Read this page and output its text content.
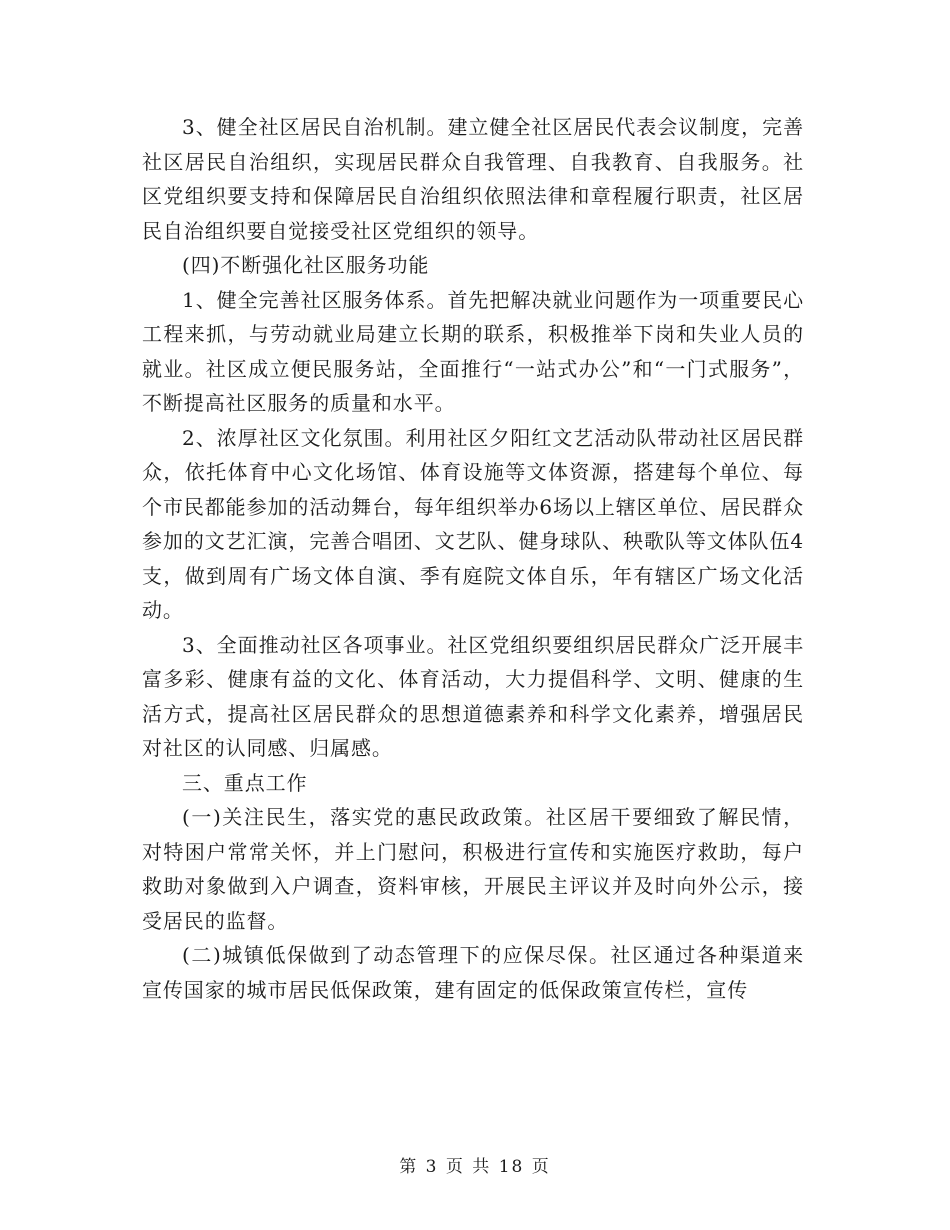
3、健全社区居民自治机制。建立健全社区居民代表会议制度，完善社区居民自治组织，实现居民群众自我管理、自我教育、自我服务。社区党组织要支持和保障居民自治组织依照法律和章程履行职责，社区居民自治组织要自觉接受社区党组织的领导。

(四)不断强化社区服务功能

1、健全完善社区服务体系。首先把解决就业问题作为一项重要民心工程来抓，与劳动就业局建立长期的联系，积极推举下岗和失业人员的就业。社区成立便民服务站，全面推行“一站式办公”和“一门式服务”，不断提高社区服务的质量和水平。

2、浓厚社区文化氛围。利用社区夕阳红文艺活动队带动社区居民群众，依托体育中心文化场馆、体育设施等文体资源，搭建每个单位、每个市民都能参加的活动舞台，每年组织举办6场以上辖区单位、居民群众参加的文艺汇演，完善合唱团、文艺队、健身球队、秧歌队等文体队伍4支，做到周有广场文体自演、季有庭院文体自乐，年有辖区广场文化活动。

3、全面推动社区各项事业。社区党组织要组织居民群众广泛开展丰富多彩、健康有益的文化、体育活动，大力提倡科学、文明、健康的生活方式，提高社区居民群众的思想道德素养和科学文化素养，增强居民对社区的认同感、归属感。

三、重点工作

(一)关注民生，落实党的惠民政政策。社区居干要细致了解民情，对特困户常常关怀，并上门慰问，积极进行宣传和实施医疗救助，每户救助对象做到入户调查，资料审核，开展民主评议并及时向外公示，接受居民的监督。

(二)城镇低保做到了动态管理下的应保尽保。社区通过各种渠道来宣传国家的城市居民低保政策，建有固定的低保政策宣传栏，宣传

第 3 页 共 18 页
